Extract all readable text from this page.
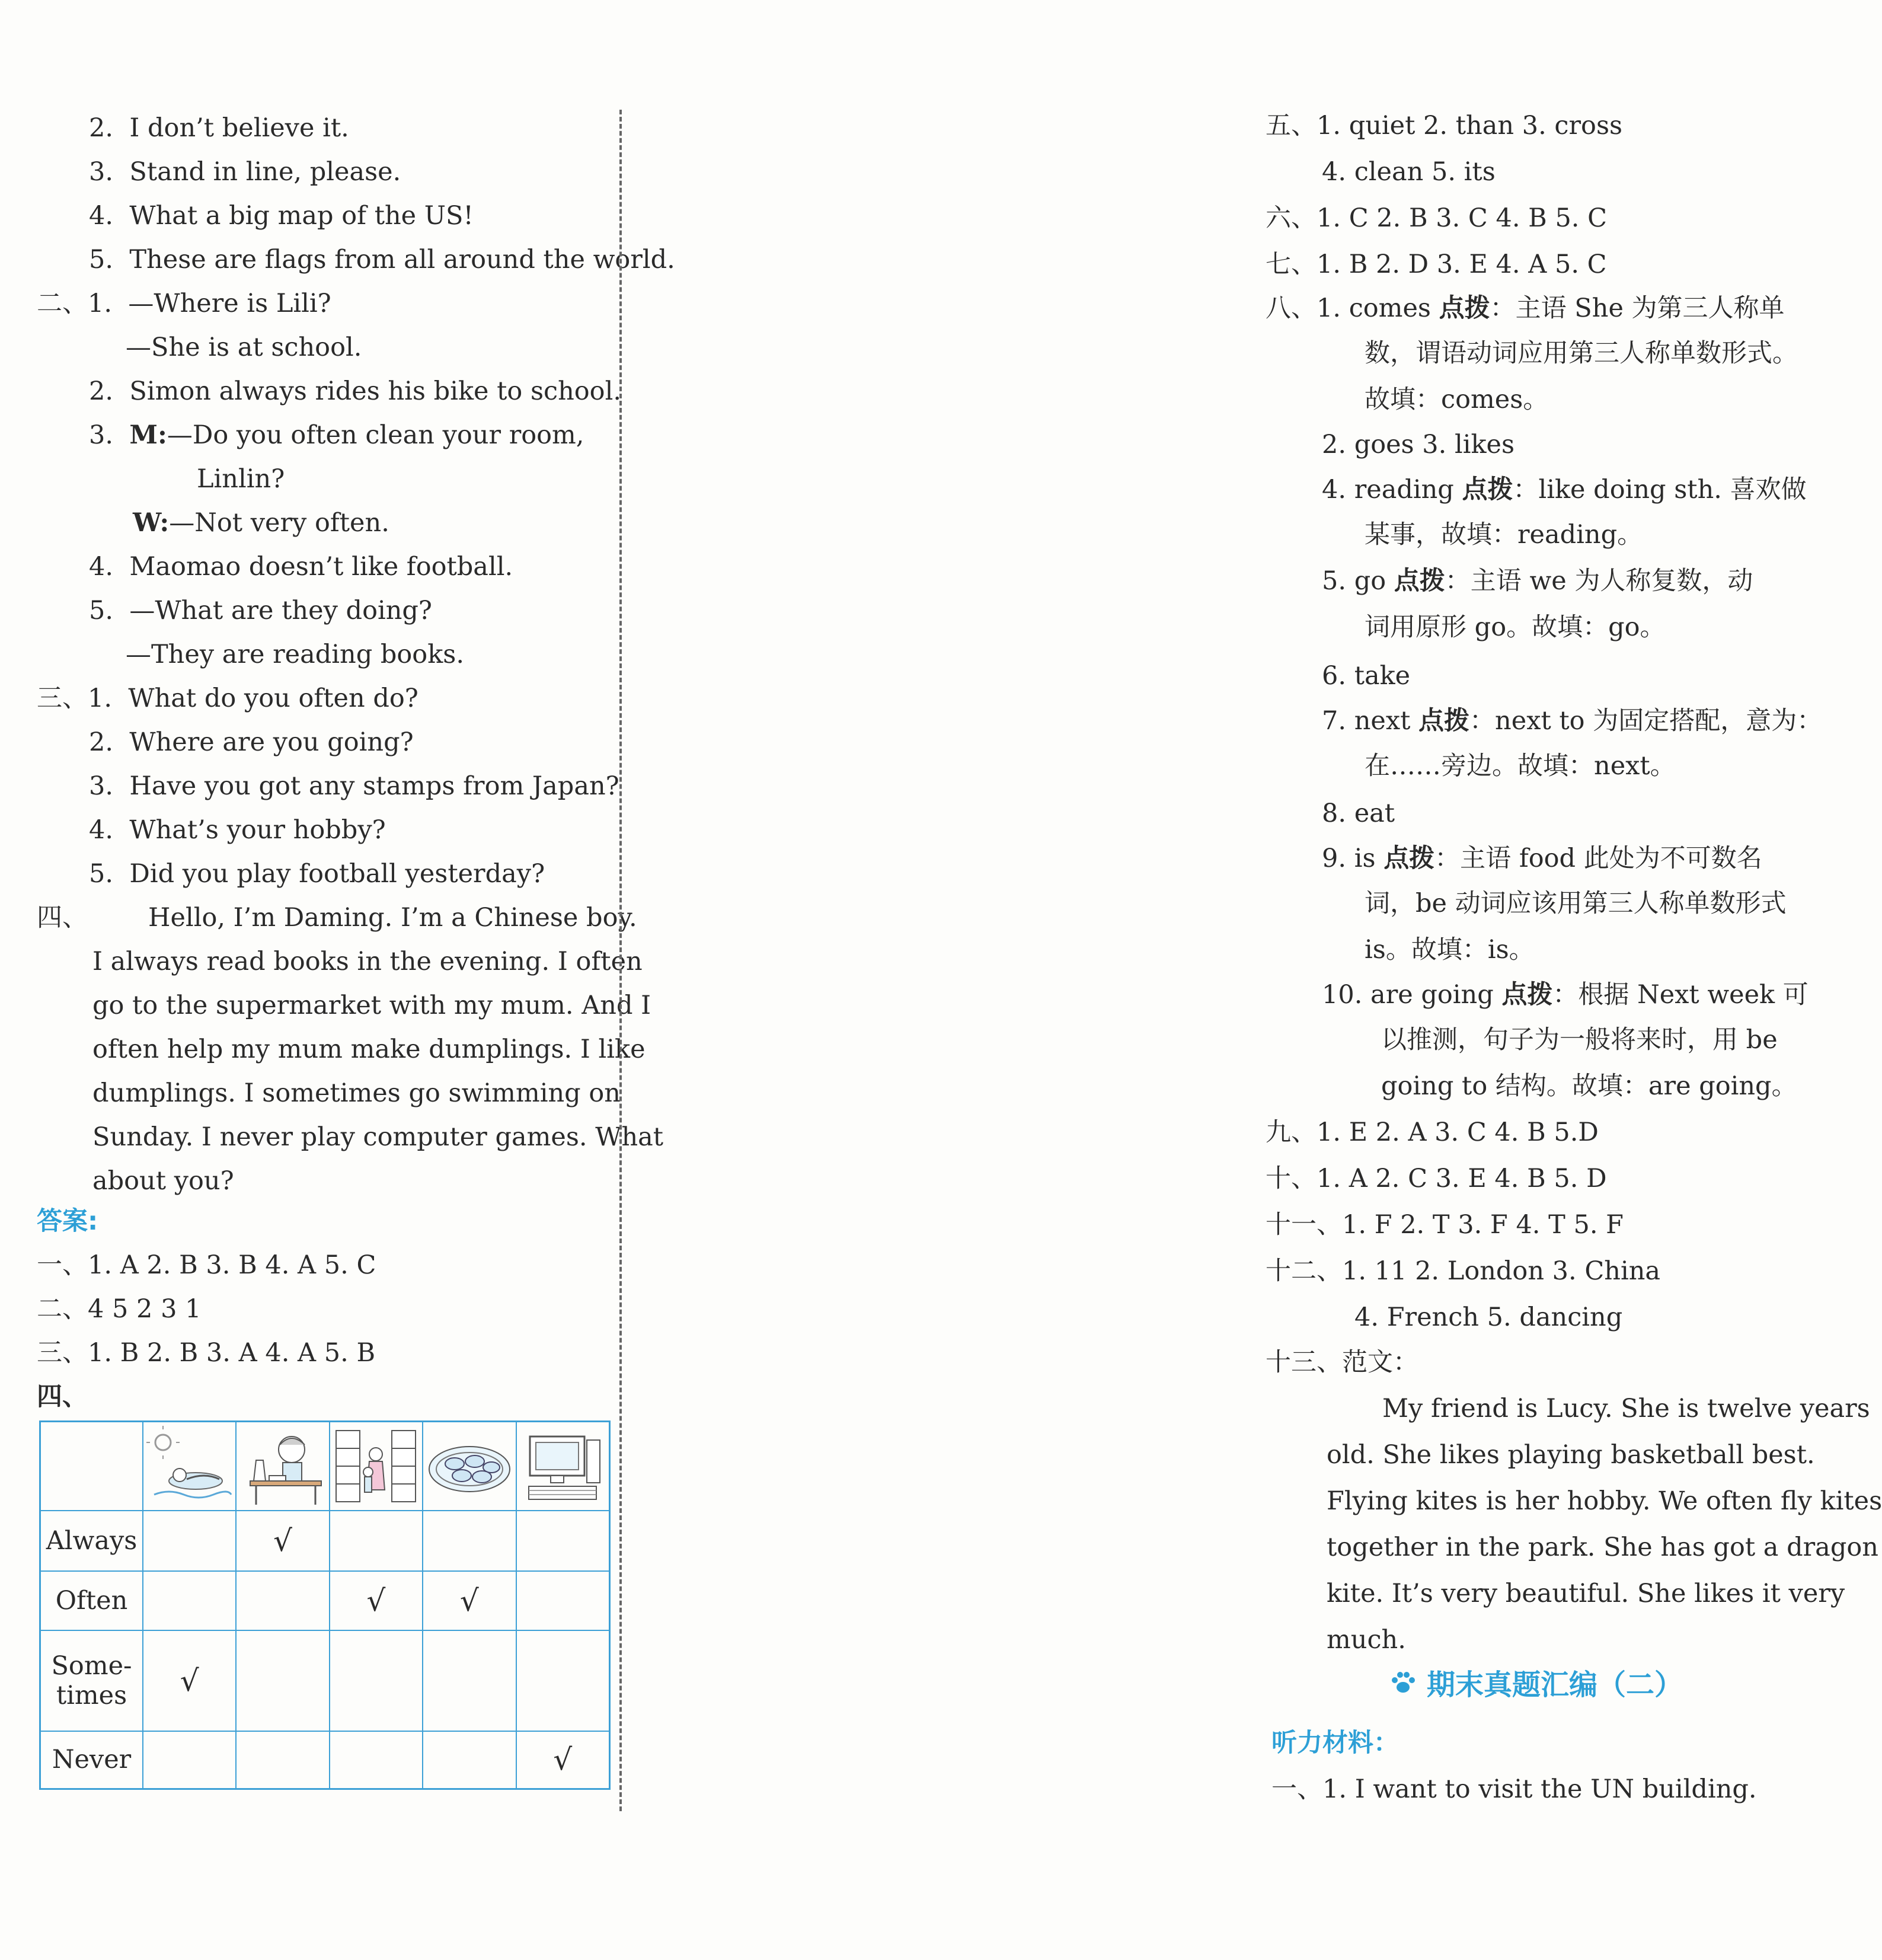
2. I don’t believe it.
3. Stand in line, please.
4. What a big map of the US!
5. These are flags from all around the world.
二、1. —Where is Lili?
—She is at school.
2. Simon always rides his bike to school.
3. M:—Do you often clean your room,
Linlin?
W:—Not very often.
4. Maomao doesn’t like football.
5. —What are they doing?
—They are reading books.
三、1. What do you often do?
2. Where are you going?
3. Have you got any stamps from Japan?
4. What’s your hobby?
5. Did you play football yesterday?
四、 Hello, I’m Daming. I’m a Chinese boy.
I always read books in the evening. I often
go to the supermarket with my mum. And I
often help my mum make dumplings. I like
dumplings. I sometimes go swimming on
Sunday. I never play computer games. What
about you?
答案:
一、1. A 2. B 3. B 4. A 5. C
二、4 5 2 3 1
三、1. B 2. B 3. A 4. A 5. B
四、

Always		√			
Often			√	√	
Some-
times	√				
Never					√
五、1. quiet 2. than 3. cross
4. clean 5. its
六、1. C 2. B 3. C 4. B 5. C
七、1. B 2. D 3. E 4. A 5. C
八、1. comes 点拨：主语 She 为第三人称单
数，谓语动词应用第三人称单数形式。
故填：comes。
2. goes 3. likes
4. reading 点拨：like doing sth. 喜欢做
某事，故填：reading。
5. go 点拨：主语 we 为人称复数，动
词用原形 go。故填：go。
6. take
7. next 点拨：next to 为固定搭配，意为：
在……旁边。故填：next。
8. eat
9. is 点拨：主语 food 此处为不可数名
词，be 动词应该用第三人称单数形式
is。故填：is。
10. are going 点拨：根据 Next week 可
以推测，句子为一般将来时，用 be
going to 结构。故填：are going。
九、1. E 2. A 3. C 4. B 5.D
十、1. A 2. C 3. E 4. B 5. D
十一、1. F 2. T 3. F 4. T 5. F
十二、1. 11 2. London 3. China
4. French 5. dancing
十三、范文：
My friend is Lucy. She is twelve years
old. She likes playing basketball best.
Flying kites is her hobby. We often fly kites
together in the park. She has got a dragon
kite. It’s very beautiful. She likes it very
much.
期末真题汇编（二）
听力材料：
一、1. I want to visit the UN building.
